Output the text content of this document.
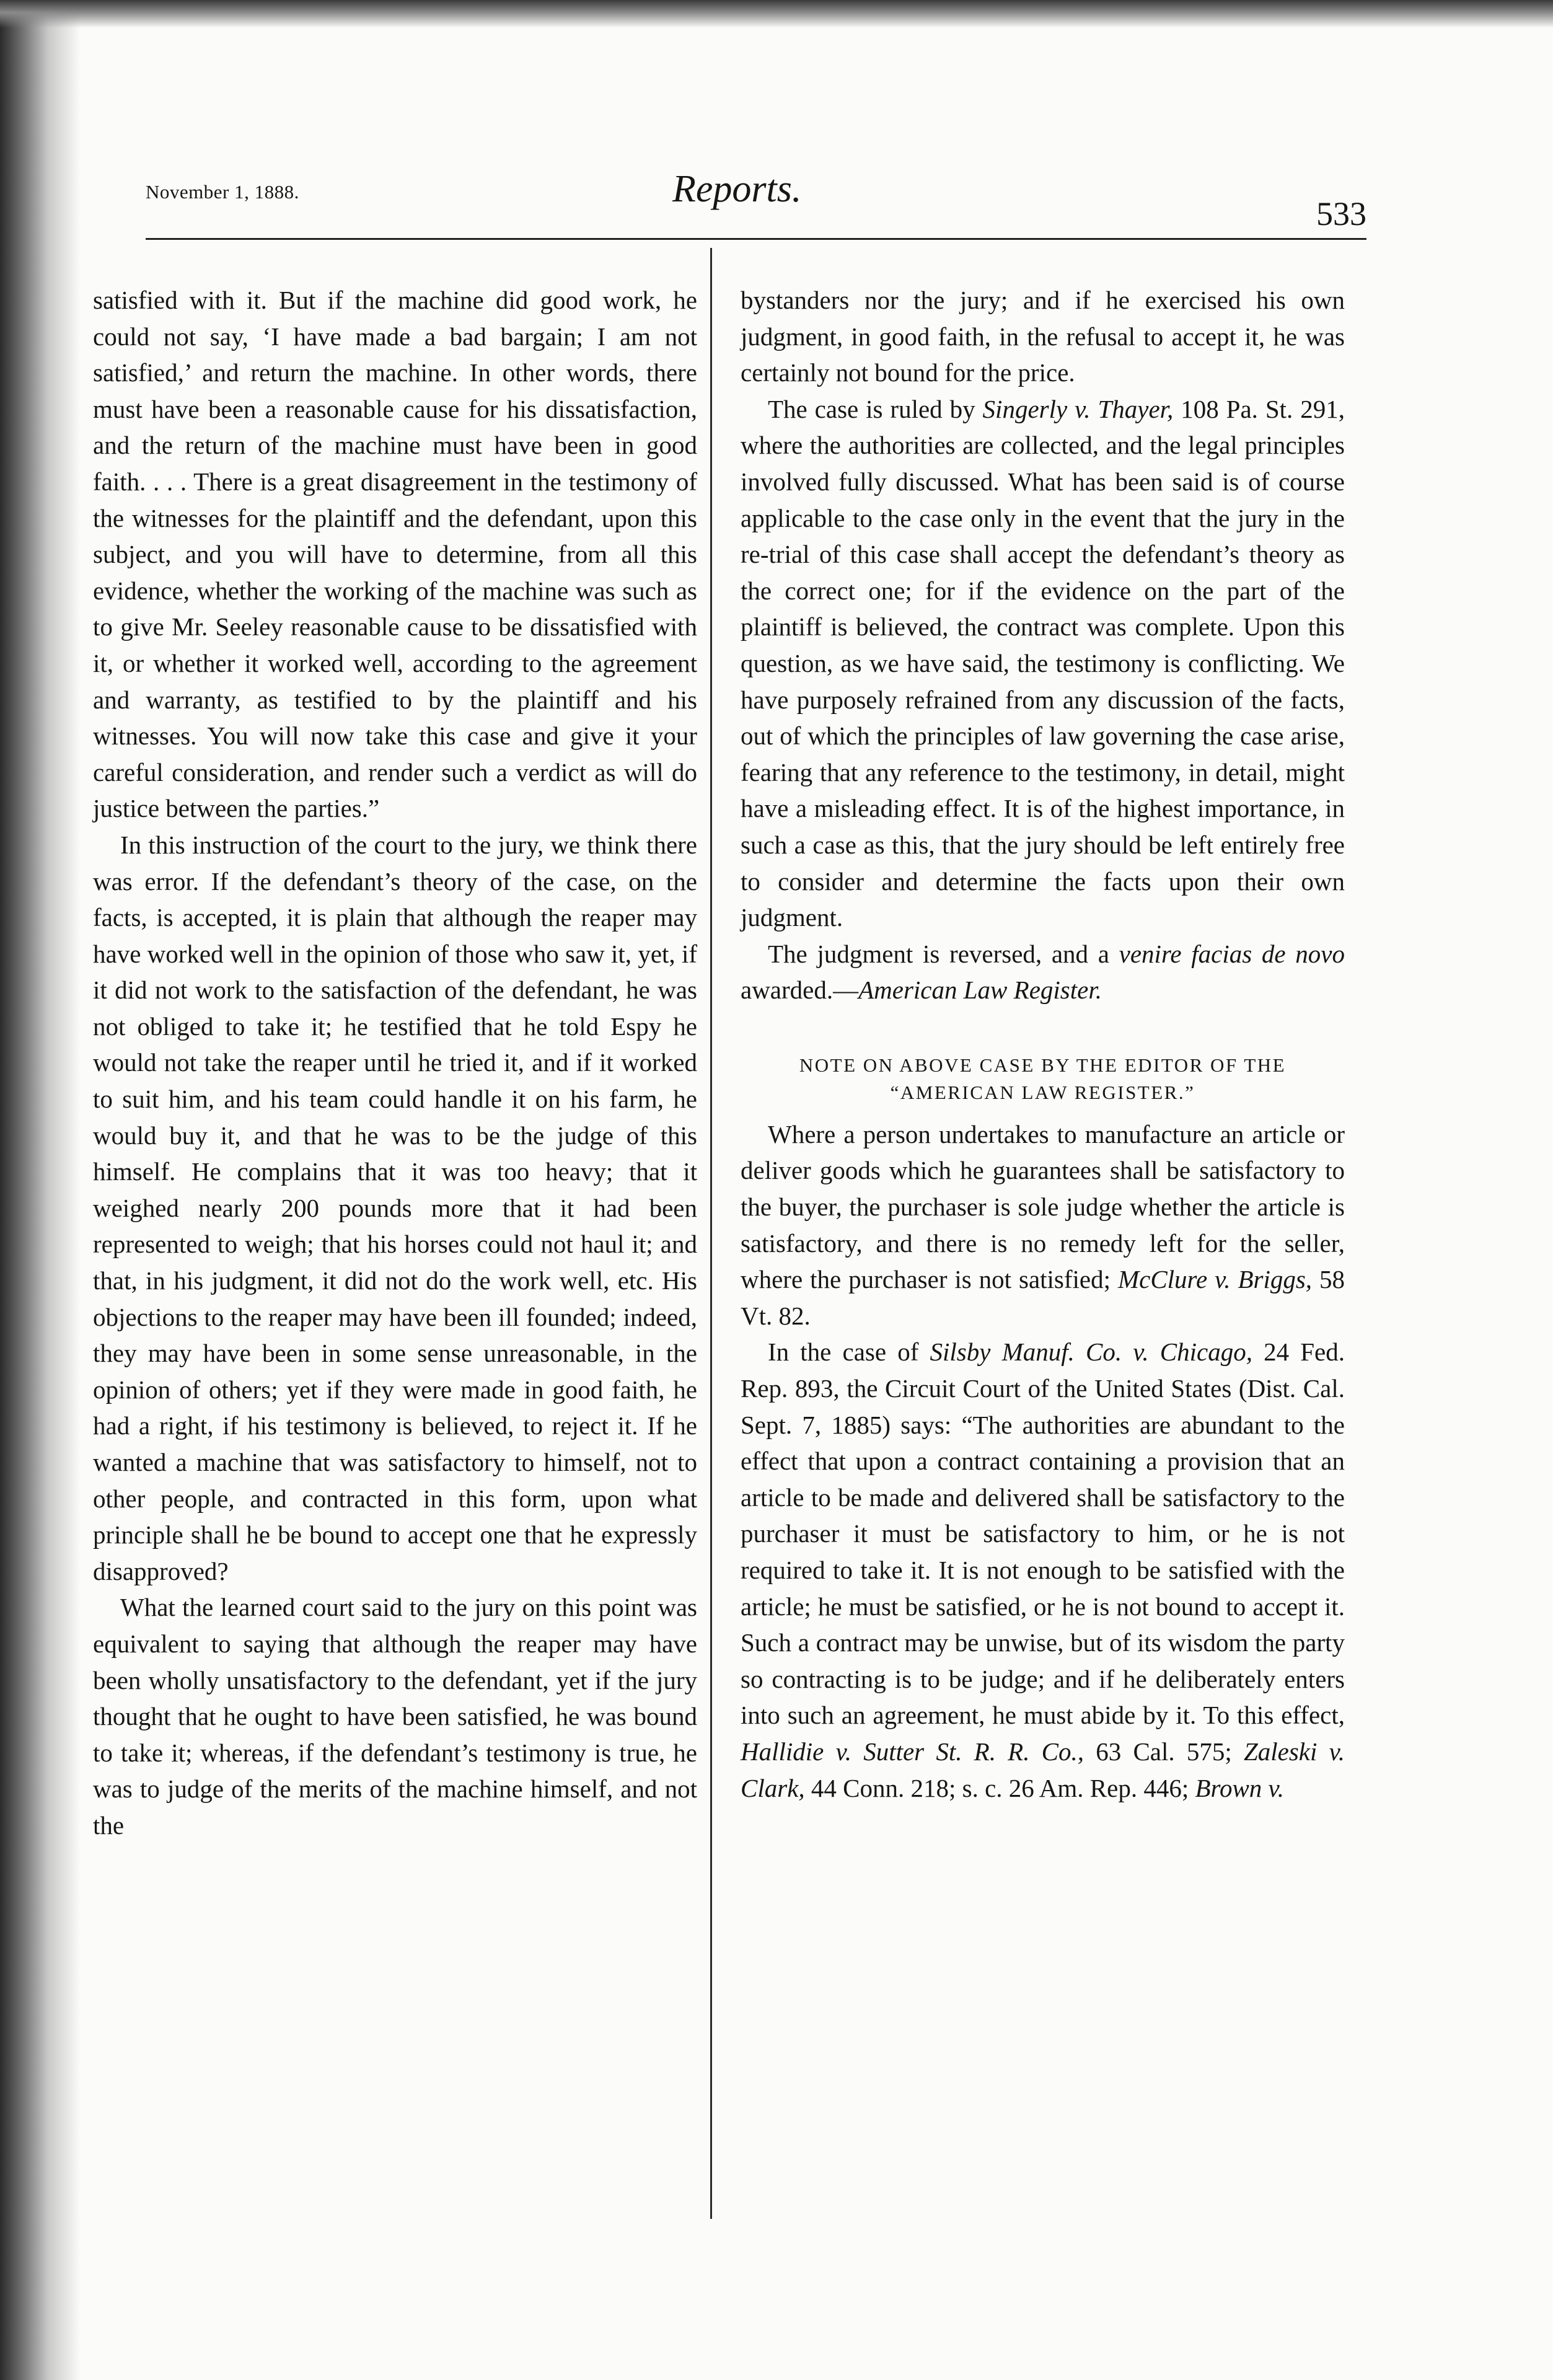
November 1, 1888.	Reports.
533

satisfied with it. But if the machine did good work, he could not say, ‘I have made a bad bargain; I am not satisfied,’ and return the machine. In other words, there must have been a reasonable cause for his dissatisfaction, and the return of the machine must have been in good faith. . . . There is a great disagreement in the testimony of the witnesses for the plaintiff and the defendant, upon this subject, and you will have to determine, from all this evidence, whether the working of the machine was such as to give Mr. Seeley reasonable cause to be dissatisfied with it, or whether it worked well, according to the agreement and warranty, as testified to by the plaintiff and his witnesses. You will now take this case and give it your careful consideration, and render such a verdict as will do justice between the parties.”

In this instruction of the court to the jury, we think there was error. If the defendant’s theory of the case, on the facts, is accepted, it is plain that although the reaper may have worked well in the opinion of those who saw it, yet, if it did not work to the satisfaction of the defendant, he was not obliged to take it; he testified that he told Espy he would not take the reaper until he tried it, and if it worked to suit him, and his team could handle it on his farm, he would buy it, and that he was to be the judge of this himself. He complains that it was too heavy; that it weighed nearly 200 pounds more that it had been represented to weigh; that his horses could not haul it; and that, in his judgment, it did not do the work well, etc. His objections to the reaper may have been ill founded; indeed, they may have been in some sense unreasonable, in the opinion of others; yet if they were made in good faith, he had a right, if his testimony is believed, to reject it. If he wanted a machine that was satisfactory to himself, not to other people, and contracted in this form, upon what principle shall he be bound to accept one that he expressly disapproved?

What the learned court said to the jury on this point was equivalent to saying that although the reaper may have been wholly unsatisfactory to the defendant, yet if the jury thought that he ought to have been satisfied, he was bound to take it; whereas, if the defendant’s testimony is true, he was to judge of the merits of the machine himself, and not the

bystanders nor the jury; and if he exercised his own judgment, in good faith, in the refusal to accept it, he was certainly not bound for the price.

The case is ruled by Singerly v. Thayer, 108 Pa. St. 291, where the authorities are collected, and the legal principles involved fully discussed. What has been said is of course applicable to the case only in the event that the jury in the re-trial of this case shall accept the defendant’s theory as the correct one; for if the evidence on the part of the plaintiff is believed, the contract was complete. Upon this question, as we have said, the testimony is conflicting. We have purposely refrained from any discussion of the facts, out of which the principles of law governing the case arise, fearing that any reference to the testimony, in detail, might have a misleading effect. It is of the highest importance, in such a case as this, that the jury should be left entirely free to consider and determine the facts upon their own judgment.

The judgment is reversed, and a venire facias de novo awarded.—American Law Register.

NOTE ON ABOVE CASE BY THE EDITOR OF THE “AMERICAN LAW REGISTER.”

Where a person undertakes to manufacture an article or deliver goods which he guarantees shall be satisfactory to the buyer, the purchaser is sole judge whether the article is satisfactory, and there is no remedy left for the seller, where the purchaser is not satisfied; McClure v. Briggs, 58 Vt. 82.

In the case of Silsby Manuf. Co. v. Chicago, 24 Fed. Rep. 893, the Circuit Court of the United States (Dist. Cal. Sept. 7, 1885) says: “The authorities are abundant to the effect that upon a contract containing a provision that an article to be made and delivered shall be satisfactory to the purchaser it must be satisfactory to him, or he is not required to take it. It is not enough to be satisfied with the article; he must be satisfied, or he is not bound to accept it. Such a contract may be unwise, but of its wisdom the party so contracting is to be judge; and if he deliberately enters into such an agreement, he must abide by it. To this effect, Hallidie v. Sutter St. R. R. Co., 63 Cal. 575; Zaleski v. Clark, 44 Conn. 218; s. c. 26 Am. Rep. 446; Brown v.
